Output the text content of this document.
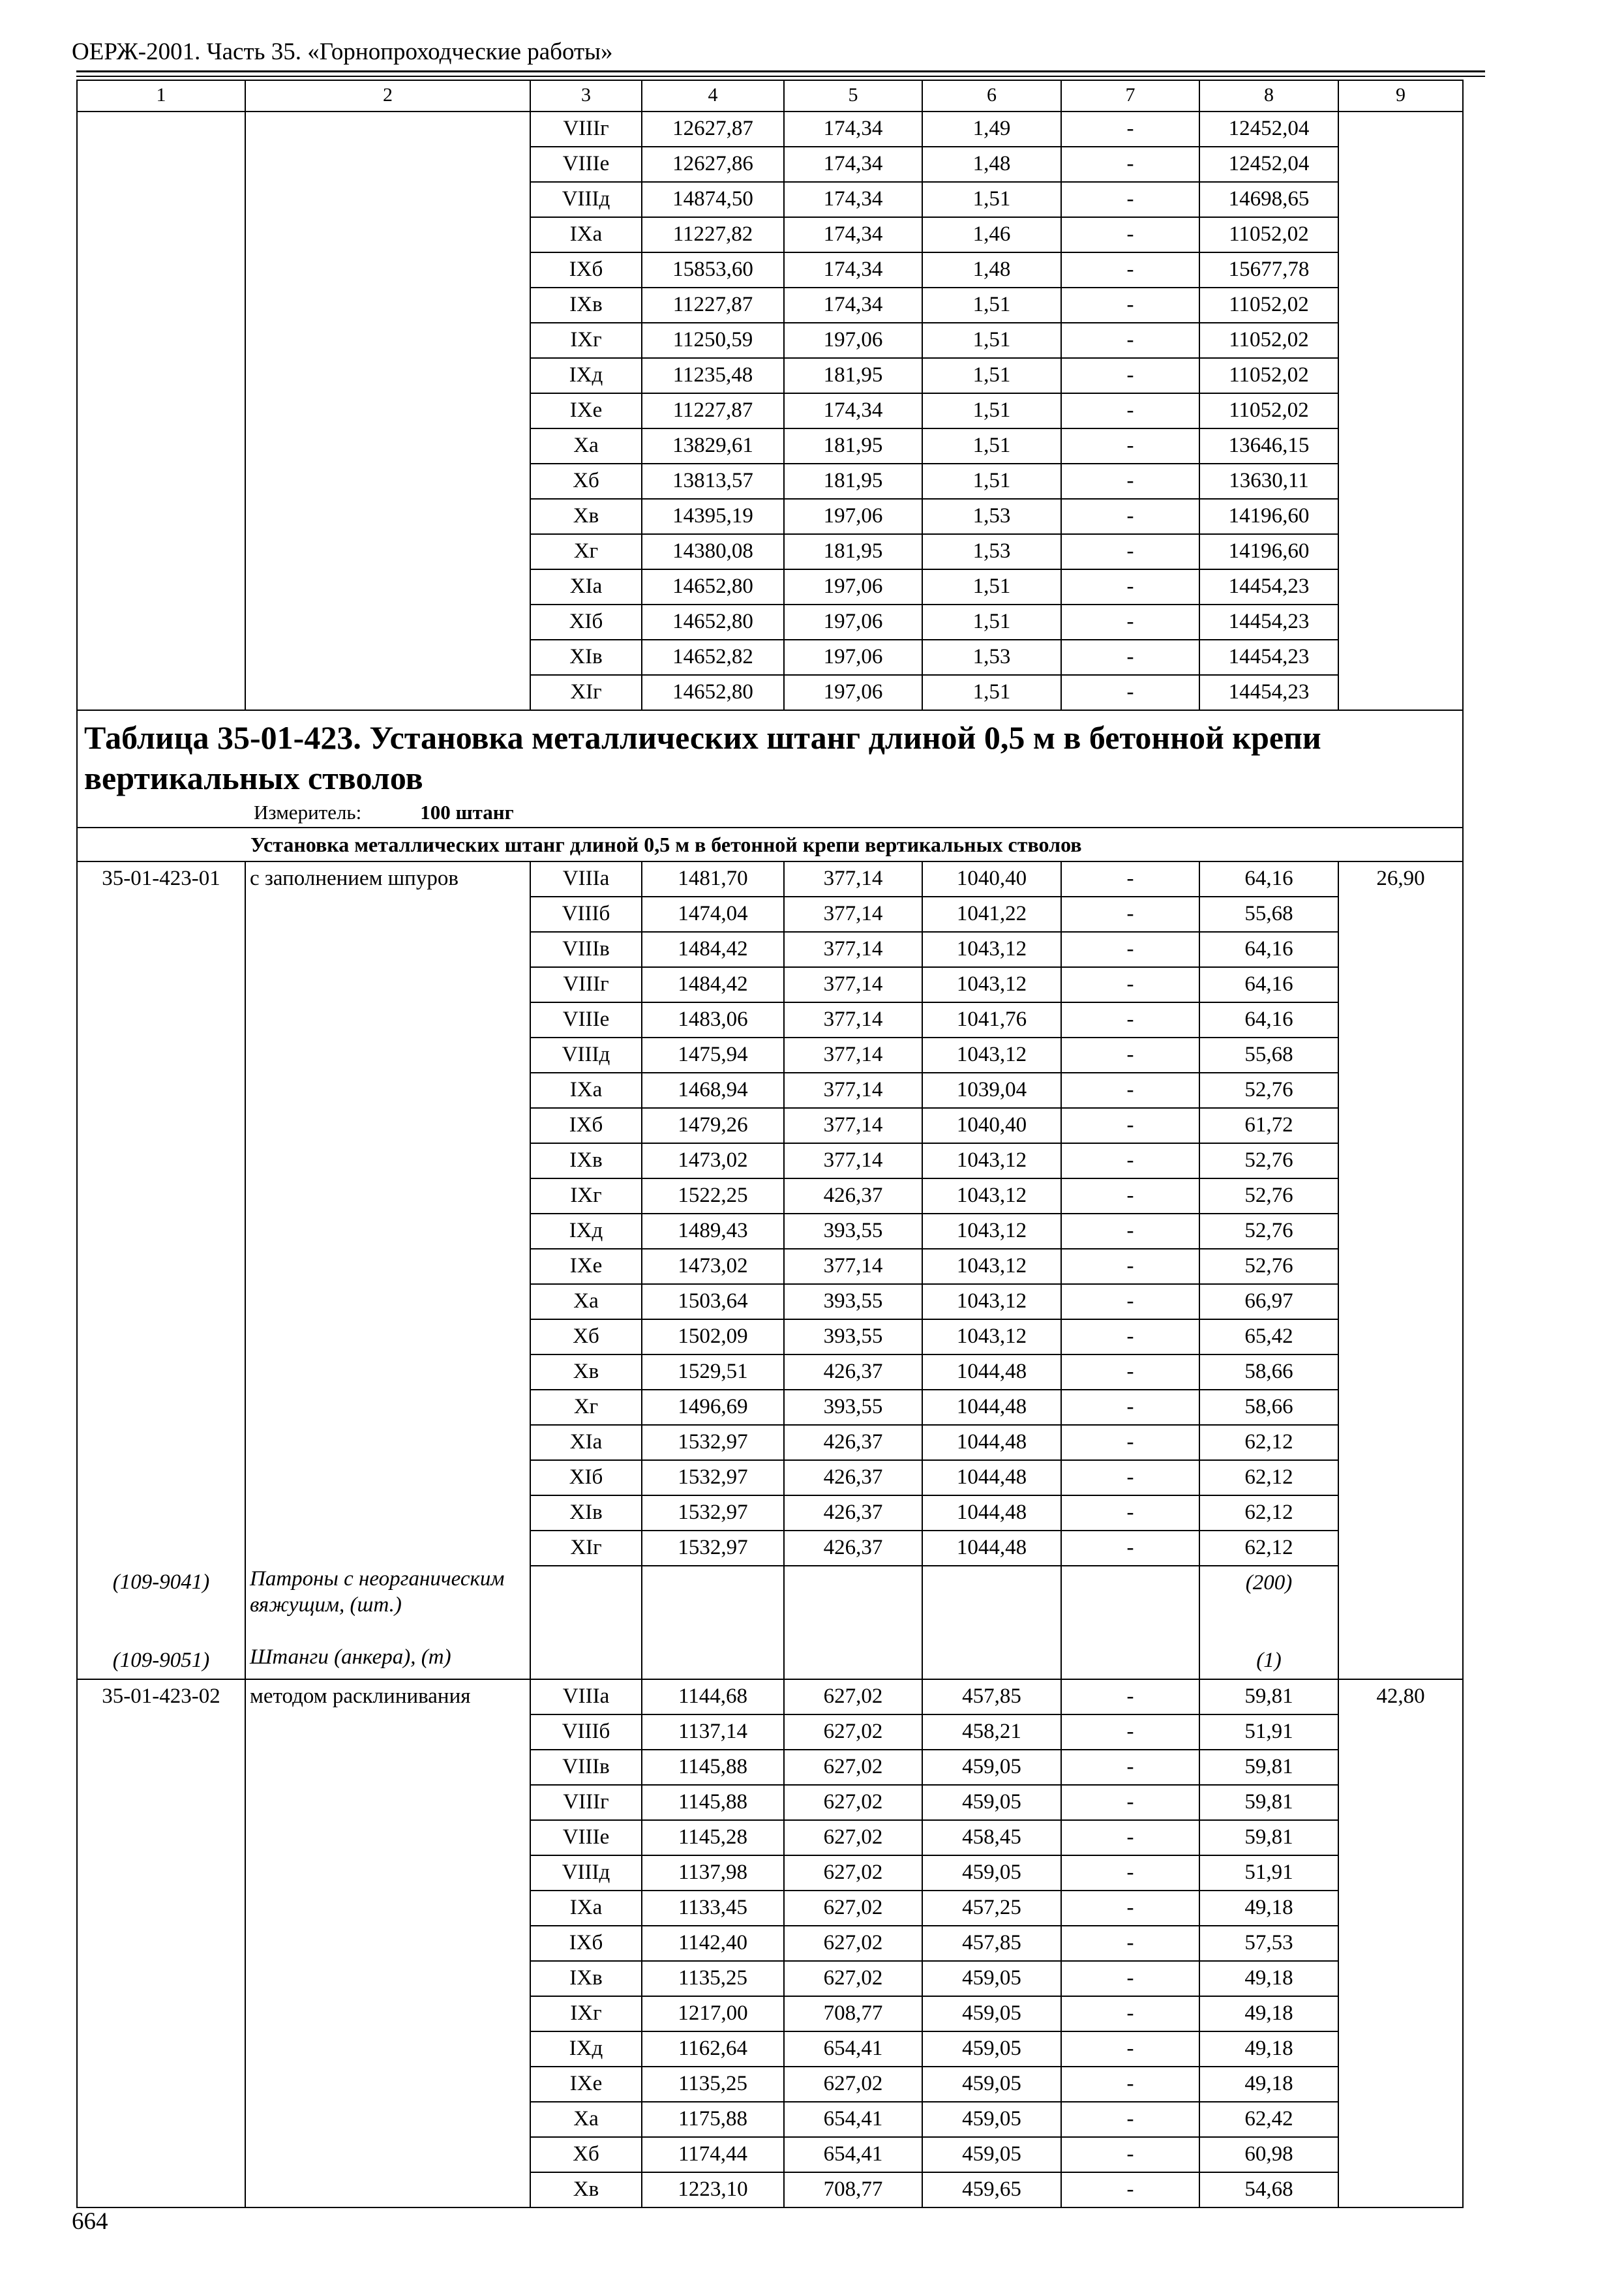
ОЕРЖ-2001. Часть 35. «Горнопроходческие работы»
1	2	3	4	5	6	7	8	9
		VIIIг	12627,87	174,34	1,49	-	12452,04	
		VIIIе	12627,86	174,34	1,48	-	12452,04	
		VIIIд	14874,50	174,34	1,51	-	14698,65	
		IXа	11227,82	174,34	1,46	-	11052,02	
		IXб	15853,60	174,34	1,48	-	15677,78	
		IXв	11227,87	174,34	1,51	-	11052,02	
		IXг	11250,59	197,06	1,51	-	11052,02	
		IXд	11235,48	181,95	1,51	-	11052,02	
		IXе	11227,87	174,34	1,51	-	11052,02	
		Xа	13829,61	181,95	1,51	-	13646,15	
		Xб	13813,57	181,95	1,51	-	13630,11	
		Xв	14395,19	197,06	1,53	-	14196,60	
		Xг	14380,08	181,95	1,53	-	14196,60	
		XIа	14652,80	197,06	1,51	-	14454,23	
		XIб	14652,80	197,06	1,51	-	14454,23	
		XIв	14652,82	197,06	1,53	-	14454,23	
		XIг	14652,80	197,06	1,51	-	14454,23	

Таблица 35-01-423. Установка металлических штанг длиной 0,5 м в бетонной крепи вертикальных стволов
Измеритель: 100 штанг								

Установка металлических штанг длиной 0,5 м в бетонной крепи вертикальных стволов								
35-01-423-01	с заполнением шпуров	VIIIа	1481,70	377,14	1040,40	-	64,16	26,90
		VIIIб	1474,04	377,14	1041,22	-	55,68	
		VIIIв	1484,42	377,14	1043,12	-	64,16	
		VIIIг	1484,42	377,14	1043,12	-	64,16	
		VIIIе	1483,06	377,14	1041,76	-	64,16	
		VIIIд	1475,94	377,14	1043,12	-	55,68	
		IXа	1468,94	377,14	1039,04	-	52,76	
		IXб	1479,26	377,14	1040,40	-	61,72	
		IXв	1473,02	377,14	1043,12	-	52,76	
		IXг	1522,25	426,37	1043,12	-	52,76	
		IXд	1489,43	393,55	1043,12	-	52,76	
		IXе	1473,02	377,14	1043,12	-	52,76	
		Xа	1503,64	393,55	1043,12	-	66,97	
		Xб	1502,09	393,55	1043,12	-	65,42	
		Xв	1529,51	426,37	1044,48	-	58,66	
		Xг	1496,69	393,55	1044,48	-	58,66	
		XIа	1532,97	426,37	1044,48	-	62,12	
		XIб	1532,97	426,37	1044,48	-	62,12	
		XIв	1532,97	426,37	1044,48	-	62,12	
		XIг	1532,97	426,37	1044,48	-	62,12	
(109-9041)	Патроны с неорганическим вяжущим, (шт.)						(200)	
(109-9051)	Штанги (анкера), (т)						(1)	
35-01-423-02	методом расклинивания	VIIIа	1144,68	627,02	457,85	-	59,81	42,80
		VIIIб	1137,14	627,02	458,21	-	51,91	
		VIIIв	1145,88	627,02	459,05	-	59,81	
		VIIIг	1145,88	627,02	459,05	-	59,81	
		VIIIе	1145,28	627,02	458,45	-	59,81	
		VIIIд	1137,98	627,02	459,05	-	51,91	
		IXа	1133,45	627,02	457,25	-	49,18	
		IXб	1142,40	627,02	457,85	-	57,53	
		IXв	1135,25	627,02	459,05	-	49,18	
		IXг	1217,00	708,77	459,05	-	49,18	
		IXд	1162,64	654,41	459,05	-	49,18	
		IXе	1135,25	627,02	459,05	-	49,18	
		Xа	1175,88	654,41	459,05	-	62,42	
		Xб	1174,44	654,41	459,05	-	60,98	
		Xв	1223,10	708,77	459,65	-	54,68	
664
